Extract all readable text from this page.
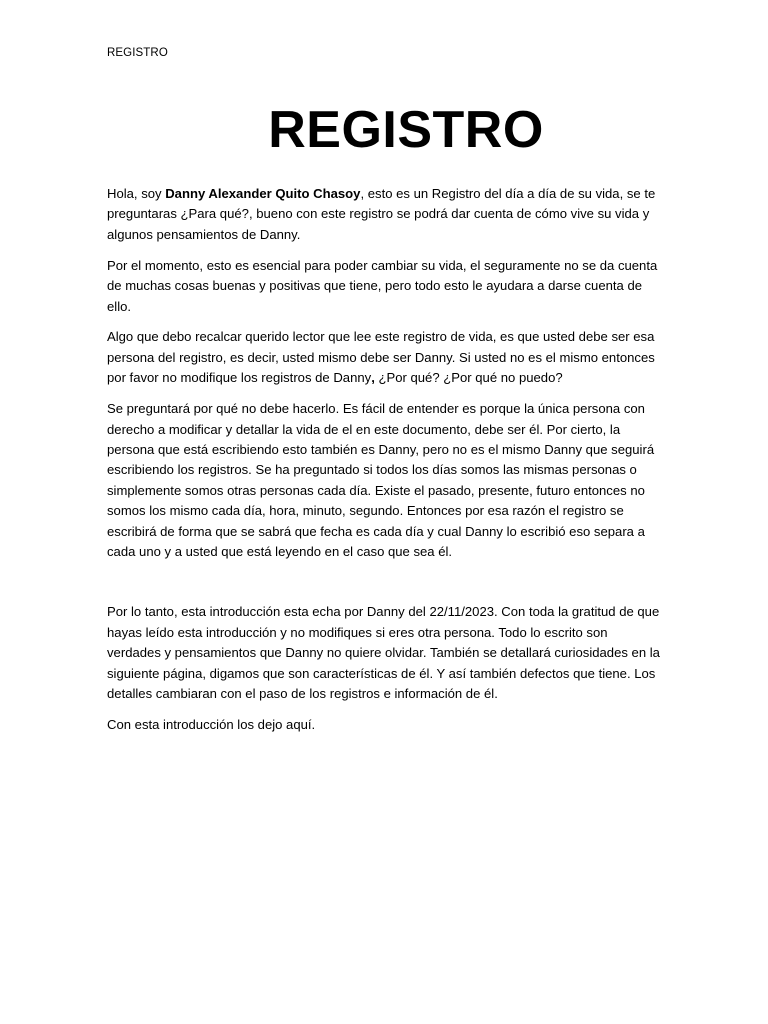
REGISTRO
REGISTRO

Hola, soy Danny Alexander Quito Chasoy, esto es un Registro del día a día de su vida, se te preguntaras ¿Para qué?, bueno con este registro se podrá dar cuenta de cómo vive su vida y algunos pensamientos de Danny.

Por el momento, esto es esencial para poder cambiar su vida, el seguramente no se da cuenta de muchas cosas buenas y positivas que tiene, pero todo esto le ayudara a darse cuenta de ello.

Algo que debo recalcar querido lector que lee este registro de vida, es que usted debe ser esa persona del registro, es decir, usted mismo debe ser Danny. Si usted no es el mismo entonces por favor no modifique los registros de Danny, ¿Por qué? ¿Por qué no puedo?

Se preguntará por qué no debe hacerlo. Es fácil de entender es porque la única persona con derecho a modificar y detallar la vida de el en este documento, debe ser él. Por cierto, la persona que está escribiendo esto también es Danny, pero no es el mismo Danny que seguirá escribiendo los registros. Se ha preguntado si todos los días somos las mismas personas o simplemente somos otras personas cada día. Existe el pasado, presente, futuro entonces no somos los mismo cada día, hora, minuto, segundo. Entonces por esa razón el registro se escribirá de forma que se sabrá que fecha es cada día y cual Danny lo escribió eso separa a cada uno y a usted que está leyendo en el caso que sea él.

Por lo tanto, esta introducción esta echa por Danny del 22/11/2023. Con toda la gratitud de que hayas leído esta introducción y no modifiques si eres otra persona. Todo lo escrito son verdades y pensamientos que Danny no quiere olvidar. También se detallará curiosidades en la siguiente página, digamos que son características de él. Y así también defectos que tiene. Los detalles cambiaran con el paso de los registros e información de él.

Con esta introducción los dejo aquí.
